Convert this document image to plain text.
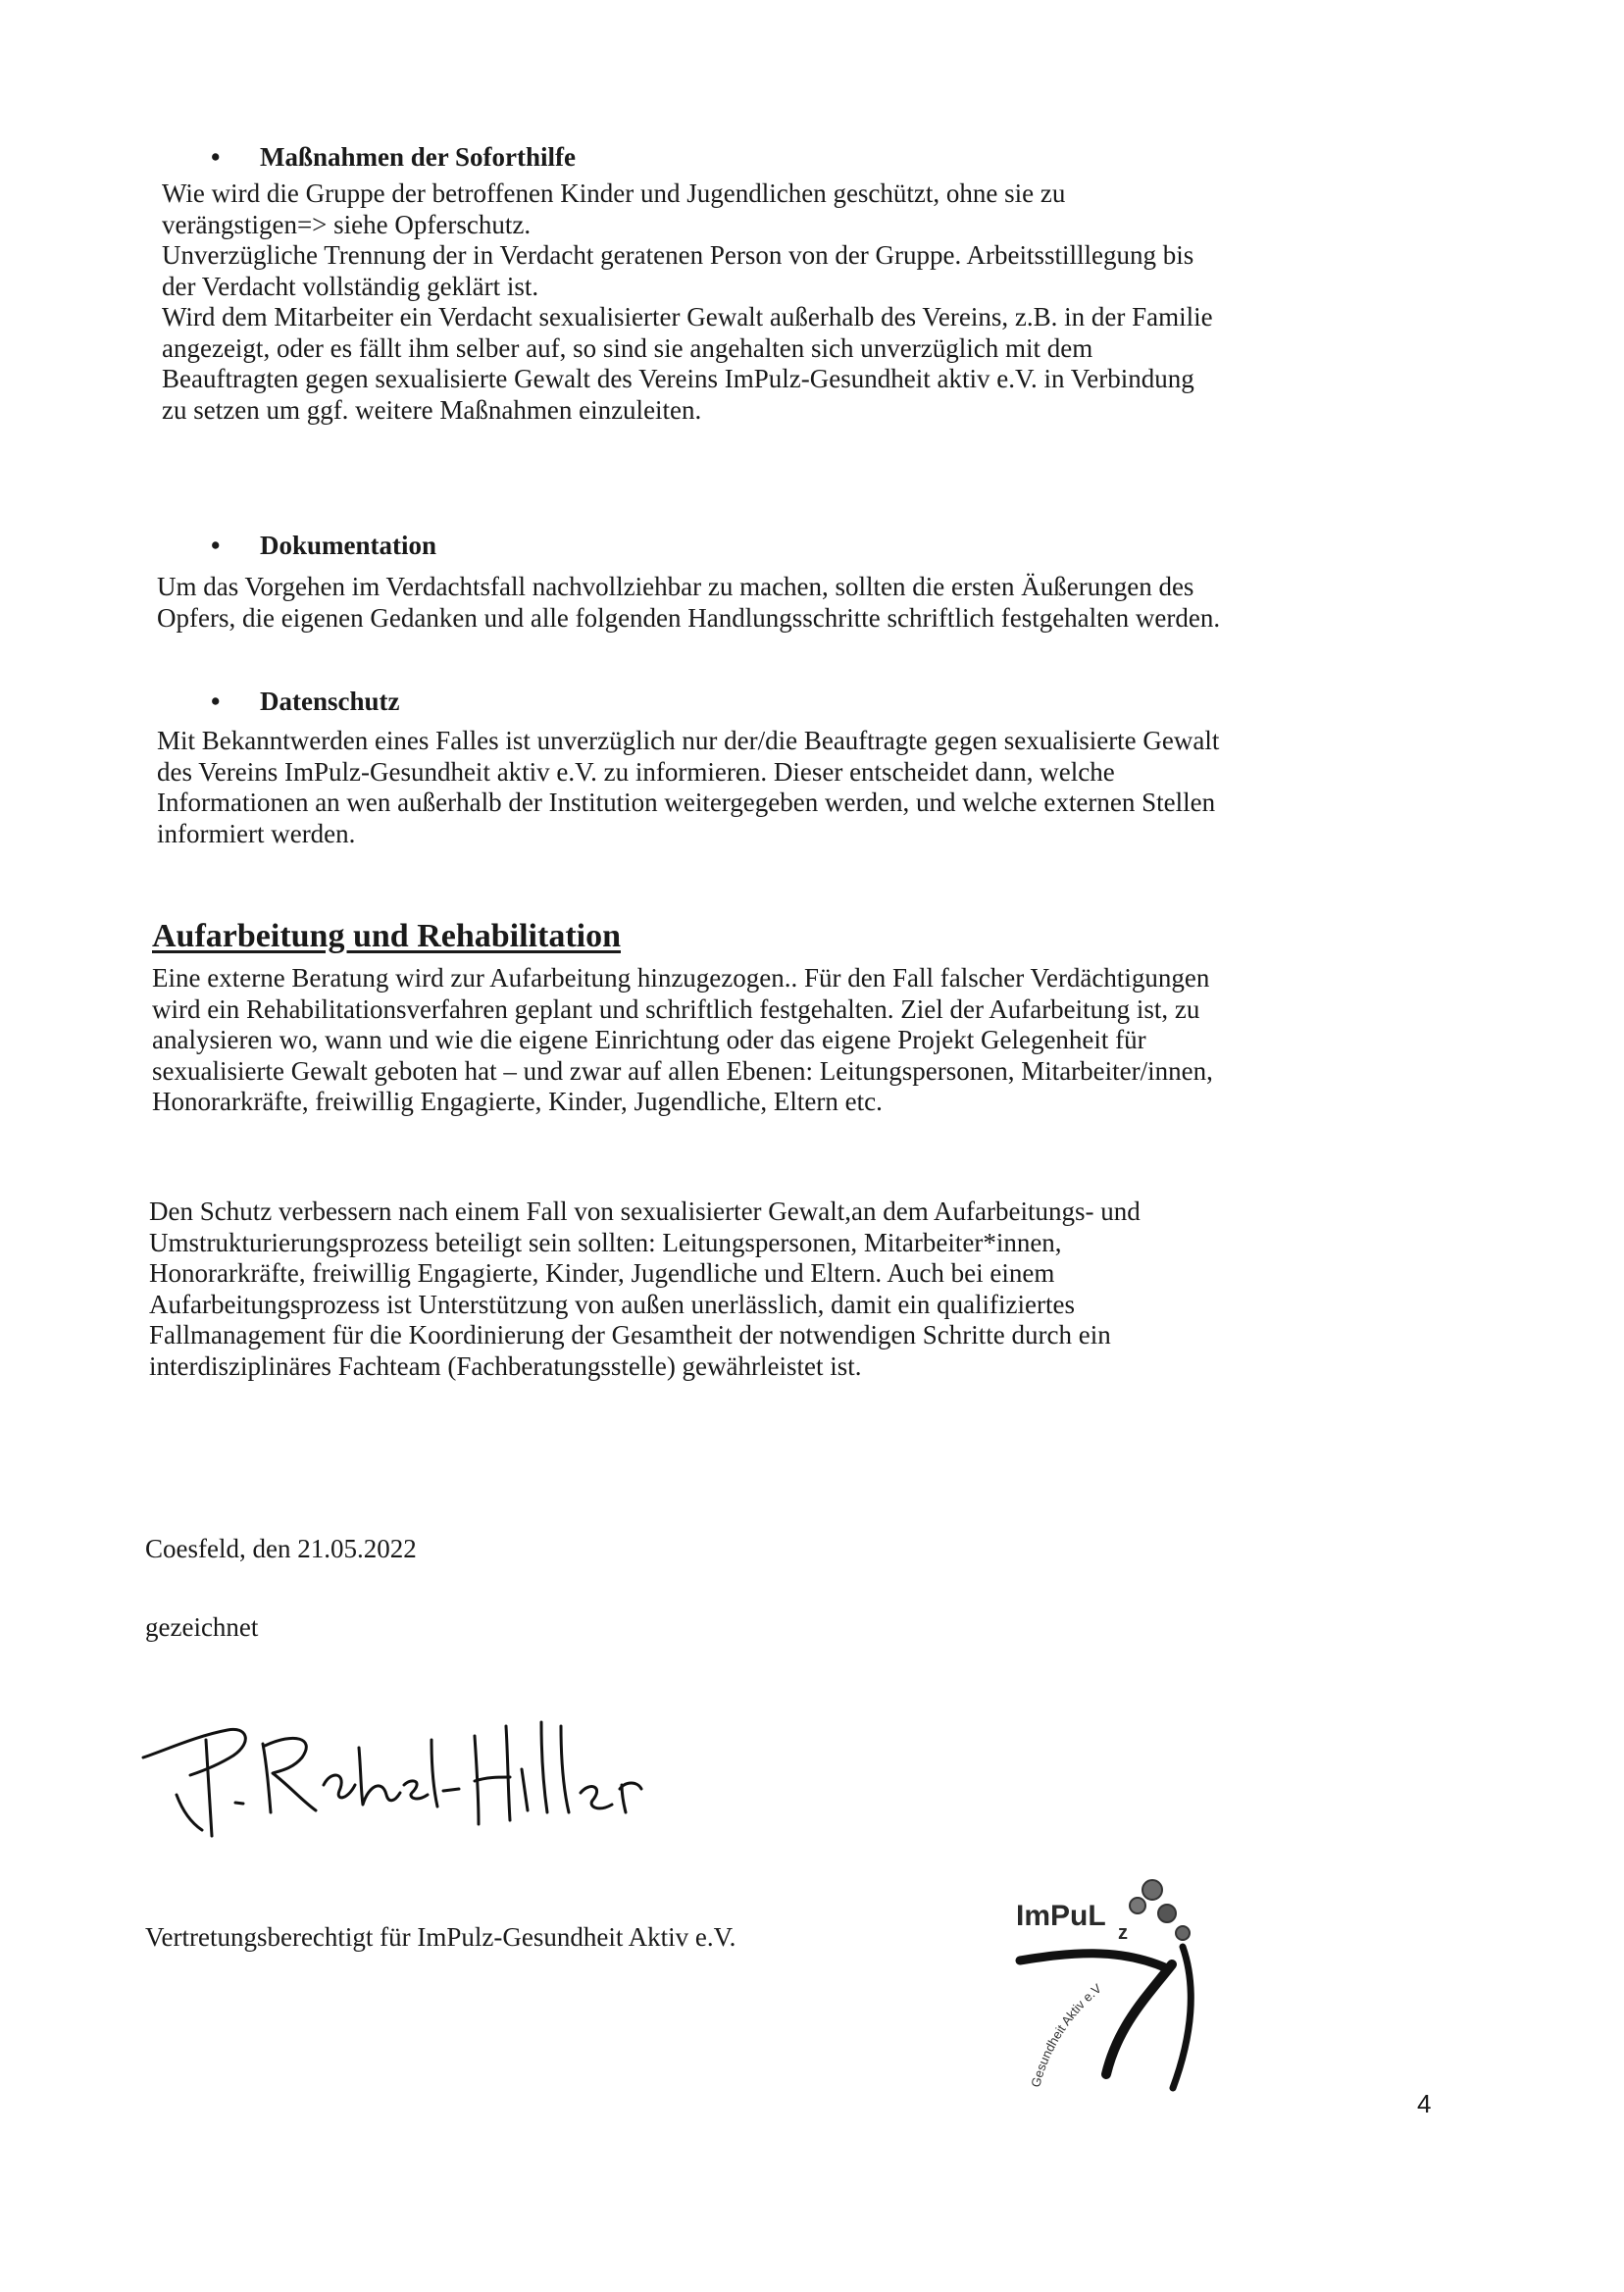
• Maßnahmen der Soforthilfe
Wie wird die Gruppe der betroffenen Kinder und Jugendlichen geschützt, ohne sie zu
verängstigen=> siehe Opferschutz.
Unverzügliche Trennung der in Verdacht geratenen Person von der Gruppe. Arbeitsstilllegung bis
der Verdacht vollständig geklärt ist.
Wird dem Mitarbeiter ein Verdacht sexualisierter Gewalt außerhalb des Vereins, z.B. in der Familie
angezeigt, oder es fällt ihm selber auf, so sind sie angehalten sich unverzüglich mit dem
Beauftragten gegen sexualisierte Gewalt des Vereins ImPulz-Gesundheit aktiv e.V. in Verbindung
zu setzen um ggf. weitere Maßnahmen einzuleiten.
• Dokumentation
Um das Vorgehen im Verdachtsfall nachvollziehbar zu machen, sollten die ersten Äußerungen des
Opfers, die eigenen Gedanken und alle folgenden Handlungsschritte schriftlich festgehalten werden.
• Datenschutz
Mit Bekanntwerden eines Falles ist unverzüglich nur der/die Beauftragte gegen sexualisierte Gewalt
des Vereins ImPulz-Gesundheit aktiv e.V. zu informieren. Dieser entscheidet dann, welche
Informationen an wen außerhalb der Institution weitergegeben werden, und welche externen Stellen
informiert werden.
Aufarbeitung und Rehabilitation
Eine externe Beratung wird zur Aufarbeitung hinzugezogen.. Für den Fall falscher Verdächtigungen
wird ein Rehabilitationsverfahren geplant und schriftlich festgehalten. Ziel der Aufarbeitung ist, zu
analysieren wo, wann und wie die eigene Einrichtung oder das eigene Projekt Gelegenheit für
sexualisierte Gewalt geboten hat – und zwar auf allen Ebenen: Leitungspersonen, Mitarbeiter/innen,
Honorarkräfte, freiwillig Engagierte, Kinder, Jugendliche, Eltern etc.
Den Schutz verbessern nach einem Fall von sexualisierter Gewalt,an dem Aufarbeitungs- und
Umstrukturierungsprozess beteiligt sein sollten: Leitungspersonen, Mitarbeiter*innen,
Honorarkräfte, freiwillig Engagierte, Kinder, Jugendliche und Eltern. Auch bei einem
Aufarbeitungsprozess ist Unterstützung von außen unerlässlich, damit ein qualifiziertes
Fallmanagement für die Koordinierung der Gesamtheit der notwendigen Schritte durch ein
interdisziplinäres Fachteam (Fachberatungsstelle) gewährleistet ist.
Coesfeld, den 21.05.2022
gezeichnet
Vertretungsberechtigt für ImPulz-Gesundheit Aktiv e.V.
ImPuL
z
Gesundheit Aktiv e.V
4
